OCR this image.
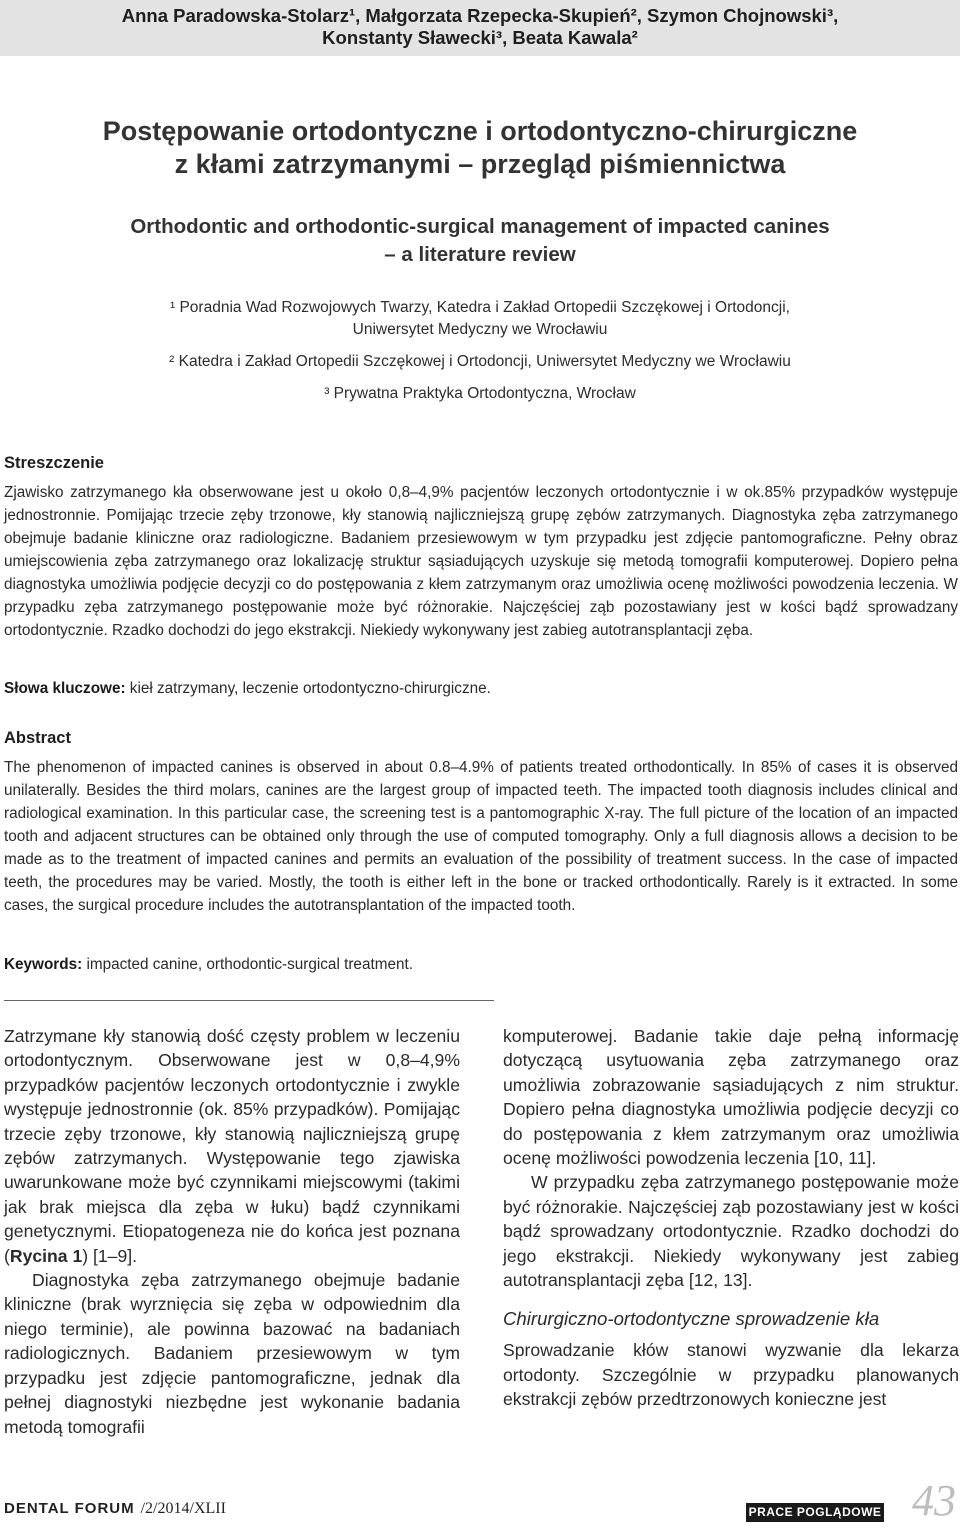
Anna Paradowska-Stolarz¹, Małgorzata Rzepecka-Skupień², Szymon Chojnowski³,
Konstanty Sławecki³, Beata Kawala²
Postępowanie ortodontyczne i ortodontyczno-chirurgiczne
z kłami zatrzymanymi – przegląd piśmiennictwa
Orthodontic and orthodontic-surgical management of impacted canines
– a literature review
¹ Poradnia Wad Rozwojowych Twarzy, Katedra i Zakład Ortopedii Szczękowej i Ortodoncji,
Uniwersytet Medyczny we Wrocławiu
² Katedra i Zakład Ortopedii Szczękowej i Ortodoncji, Uniwersytet Medyczny we Wrocławiu
³ Prywatna Praktyka Ortodontyczna, Wrocław
Streszczenie
Zjawisko zatrzymanego kła obserwowane jest u około 0,8–4,9% pacjentów leczonych ortodontycznie i w ok.85% przypadków występuje jednostronnie. Pomijając trzecie zęby trzonowe, kły stanowią najliczniejszą grupę zębów zatrzymanych. Diagnostyka zęba zatrzymanego obejmuje badanie kliniczne oraz radiologiczne. Badaniem przesiewowym w tym przypadku jest zdjęcie pantomograficzne. Pełny obraz umiejscowienia zęba zatrzymanego oraz lokalizację struktur sąsiadujących uzyskuje się metodą tomografii komputerowej. Dopiero pełna diagnostyka umożliwia podjęcie decyzji co do postępowania z kłem zatrzymanym oraz umożliwia ocenę możliwości powodzenia leczenia. W przypadku zęba zatrzymanego postępowanie może być różnorakie. Najczęściej ząb pozostawiany jest w kości bądź sprowadzany ortodontycznie. Rzadko dochodzi do jego ekstrakcji. Niekiedy wykonywany jest zabieg autotransplantacji zęba.
Słowa kluczowe: kieł zatrzymany, leczenie ortodontyczno-chirurgiczne.
Abstract
The phenomenon of impacted canines is observed in about 0.8–4.9% of patients treated orthodontically. In 85% of cases it is observed unilaterally. Besides the third molars, canines are the largest group of impacted teeth. The impacted tooth diagnosis includes clinical and radiological examination. In this particular case, the screening test is a pantomographic X-ray. The full picture of the location of an impacted tooth and adjacent structures can be obtained only through the use of computed tomography. Only a full diagnosis allows a decision to be made as to the treatment of impacted canines and permits an evaluation of the possibility of treatment success. In the case of impacted teeth, the procedures may be varied. Mostly, the tooth is either left in the bone or tracked orthodontically. Rarely is it extracted. In some cases, the surgical procedure includes the autotransplantation of the impacted tooth.
Keywords: impacted canine, orthodontic-surgical treatment.

Zatrzymane kły stanowią dość częsty problem w leczeniu ortodontycznym. Obserwowane jest w 0,8–4,9% przypadków pacjentów leczonych ortodontycznie i zwykle występuje jednostronnie (ok. 85% przypadków). Pomijając trzecie zęby trzonowe, kły stanowią najliczniejszą grupę zębów zatrzymanych. Występowanie tego zjawiska uwarunkowane może być czynnikami miejscowymi (takimi jak brak miejsca dla zęba w łuku) bądź czynnikami genetycznymi. Etiopatogeneza nie do końca jest poznana (Rycina 1) [1–9].

Diagnostyka zęba zatrzymanego obejmuje badanie kliniczne (brak wyrznięcia się zęba w odpowiednim dla niego terminie), ale powinna bazować na badaniach radiologicznych. Badaniem przesiewowym w tym przypadku jest zdjęcie pantomograficzne, jednak dla pełnej diagnostyki niezbędne jest wykonanie badania metodą tomografii

komputerowej. Badanie takie daje pełną informację dotyczącą usytuowania zęba zatrzymanego oraz umożliwia zobrazowanie sąsiadujących z nim struktur. Dopiero pełna diagnostyka umożliwia podjęcie decyzji co do postępowania z kłem zatrzymanym oraz umożliwia ocenę możliwości powodzenia leczenia [10, 11].

W przypadku zęba zatrzymanego postępowanie może być różnorakie. Najczęściej ząb pozostawiany jest w kości bądź sprowadzany ortodontycznie. Rzadko dochodzi do jego ekstrakcji. Niekiedy wykonywany jest zabieg autotransplantacji zęba [12, 13].

Chirurgiczno-ortodontyczne sprowadzenie kła

Sprowadzanie kłów stanowi wyzwanie dla lekarza ortodonty. Szczególnie w przypadku planowanych ekstrakcji zębów przedtrzonowych konieczne jest

DENTAL FORUM /2/2014/XLII	PRACE POGLĄDOWE 43
